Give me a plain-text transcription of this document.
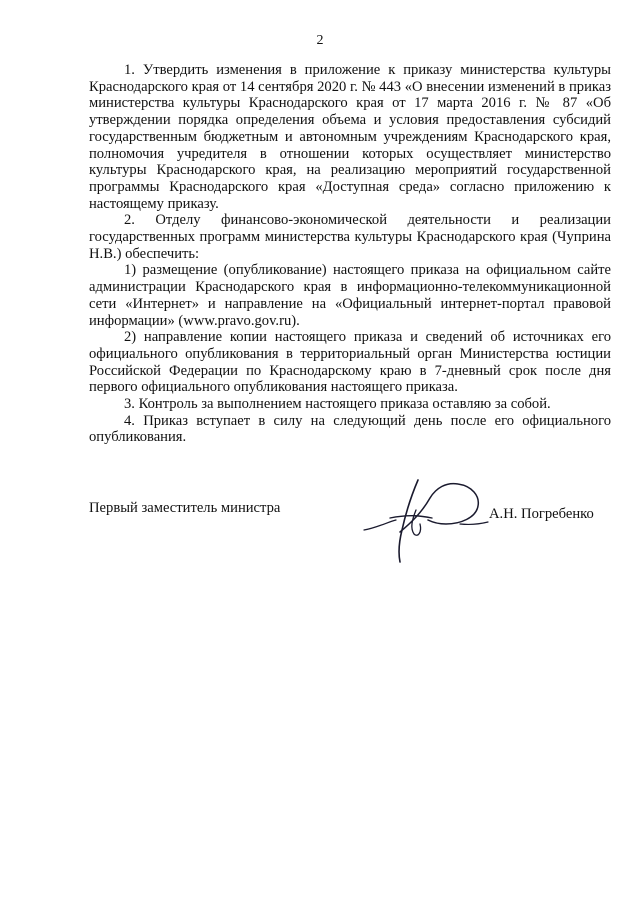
2

1. Утвердить изменения в приложение к приказу министерства культуры Краснодарского края от 14 сентября 2020 г. № 443 «О внесении изменений в приказ министерства культуры Краснодарского края от 17 марта 2016 г. № 87 «Об утверждении порядка определения объема и условия предоставления субсидий государственным бюджетным и автономным учреждениям Краснодарского края, полномочия учредителя в отношении которых осуществляет министерство культуры Краснодарского края, на реализацию мероприятий государственной программы Краснодарского края «Доступная среда» согласно приложению к настоящему приказу.

2. Отделу финансово-экономической деятельности и реализации государственных программ министерства культуры Краснодарского края (Чуприна Н.В.) обеспечить:

1) размещение (опубликование) настоящего приказа на официальном сайте администрации Краснодарского края в информационно-телекоммуникационной сети «Интернет» и направление на «Официальный интернет-портал правовой информации» (www.pravo.gov.ru).

2) направление копии настоящего приказа и сведений об источниках его официального опубликования в территориальный орган Министерства юстиции Российской Федерации по Краснодарскому краю в 7-дневный срок после дня первого официального опубликования настоящего приказа.

3. Контроль за выполнением настоящего приказа оставляю за собой.

4. Приказ вступает в силу на следующий день после его официального опубликования.

Первый заместитель министра	А.Н. Погребенко
